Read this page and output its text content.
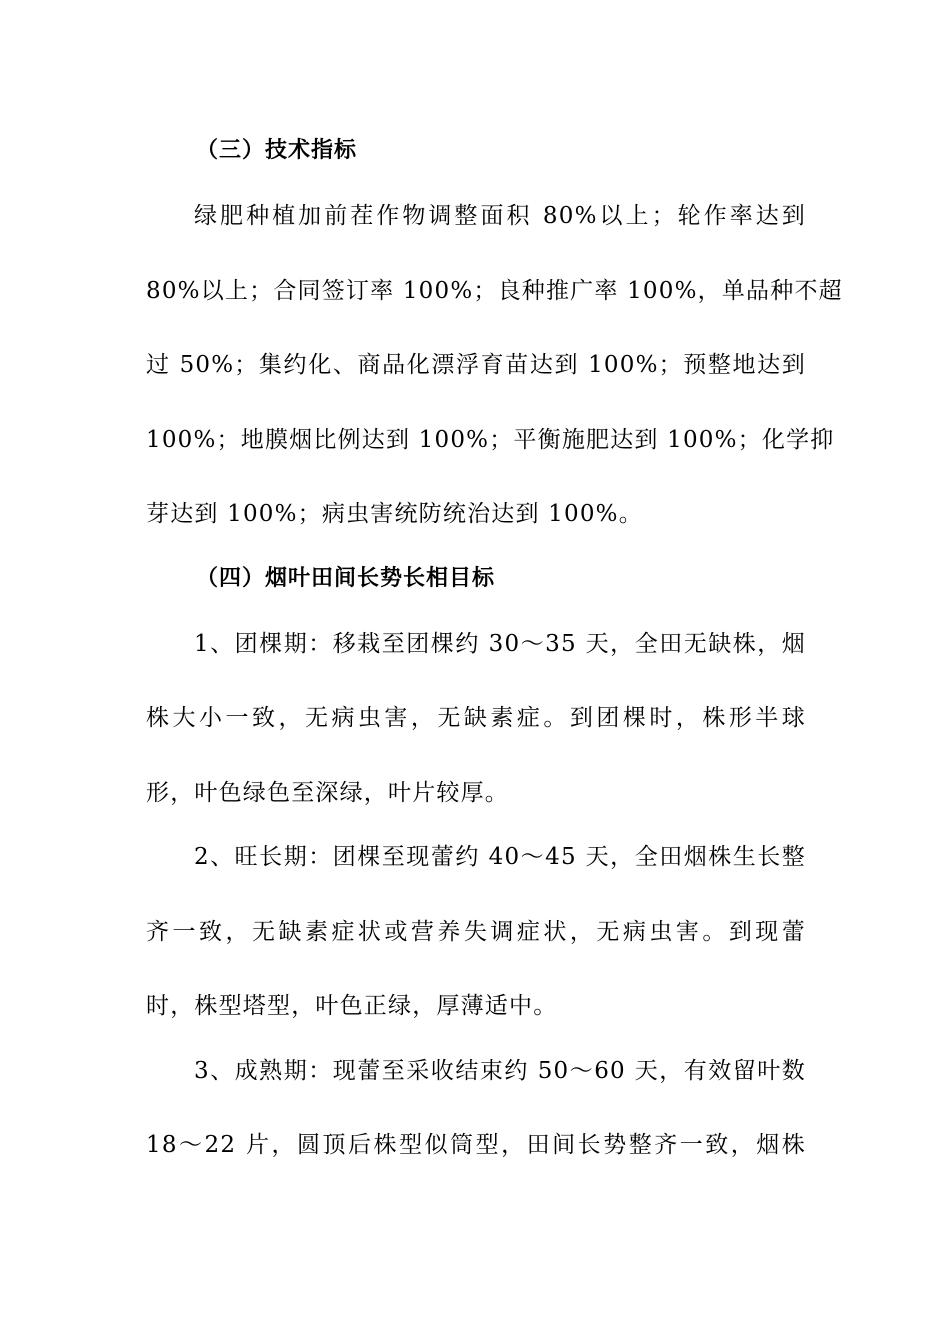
（三）技术指标
绿肥种植加前茬作物调整面积 80%以上；轮作率达到
80%以上；合同签订率 100%；良种推广率 100%，单品种不超
过 50%；集约化、商品化漂浮育苗达到 100%；预整地达到
100%；地膜烟比例达到 100%；平衡施肥达到 100%；化学抑
芽达到 100%；病虫害统防统治达到 100%。
（四）烟叶田间长势长相目标
1、团棵期：移栽至团棵约 30～35 天，全田无缺株，烟
株大小一致，无病虫害，无缺素症。到团棵时，株形半球
形，叶色绿色至深绿，叶片较厚。
2、旺长期：团棵至现蕾约 40～45 天，全田烟株生长整
齐一致，无缺素症状或营养失调症状，无病虫害。到现蕾
时，株型塔型，叶色正绿，厚薄适中。
3、成熟期：现蕾至采收结束约 50～60 天，有效留叶数
18～22 片，圆顶后株型似筒型，田间长势整齐一致，烟株
